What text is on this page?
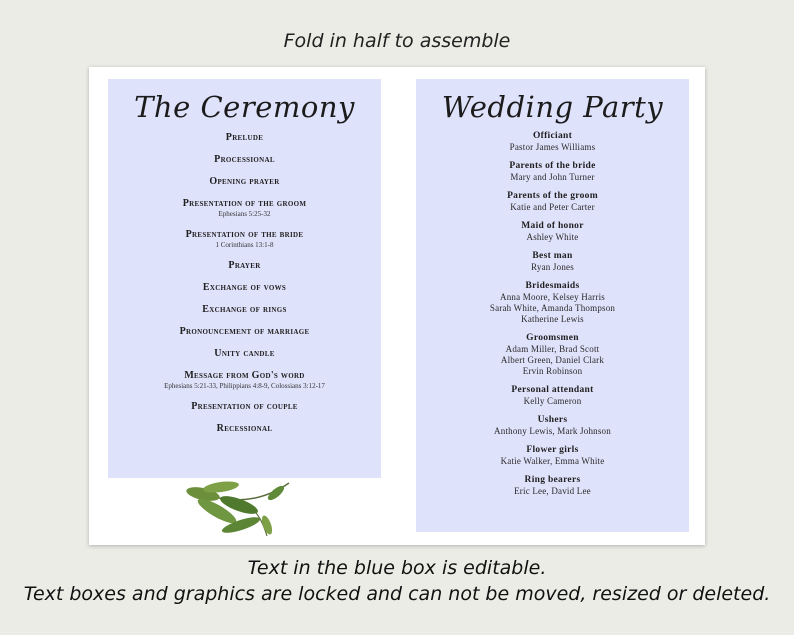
Fold in half to assemble
The Ceremony
Prelude
Processional
Opening prayer
Presentation of the groom
Ephesians 5:25-32
Presentation of the bride
1 Corinthians 13:1-8
Prayer
Exchange of vows
Exchange of rings
Pronouncement of marriage
Unity candle
Message from God's word
Ephesians 5:21-33, Philippians 4:8-9, Colossians 3:12-17
Presentation of couple
Recessional
Wedding Party
Officiant
Pastor James Williams
Parents of the bride
Mary and John Turner
Parents of the groom
Katie and Peter Carter
Maid of honor
Ashley White
Best man
Ryan Jones
Bridesmaids
Anna Moore, Kelsey Harris
Sarah White, Amanda Thompson
Katherine Lewis
Groomsmen
Adam Miller, Brad Scott
Albert Green, Daniel Clark
Ervin Robinson
Personal attendant
Kelly Cameron
Ushers
Anthony Lewis, Mark Johnson
Flower girls
Katie Walker, Emma White
Ring bearers
Eric Lee, David Lee
Text in the blue box is editable.
Text boxes and graphics are locked and can not be moved, resized or deleted.
